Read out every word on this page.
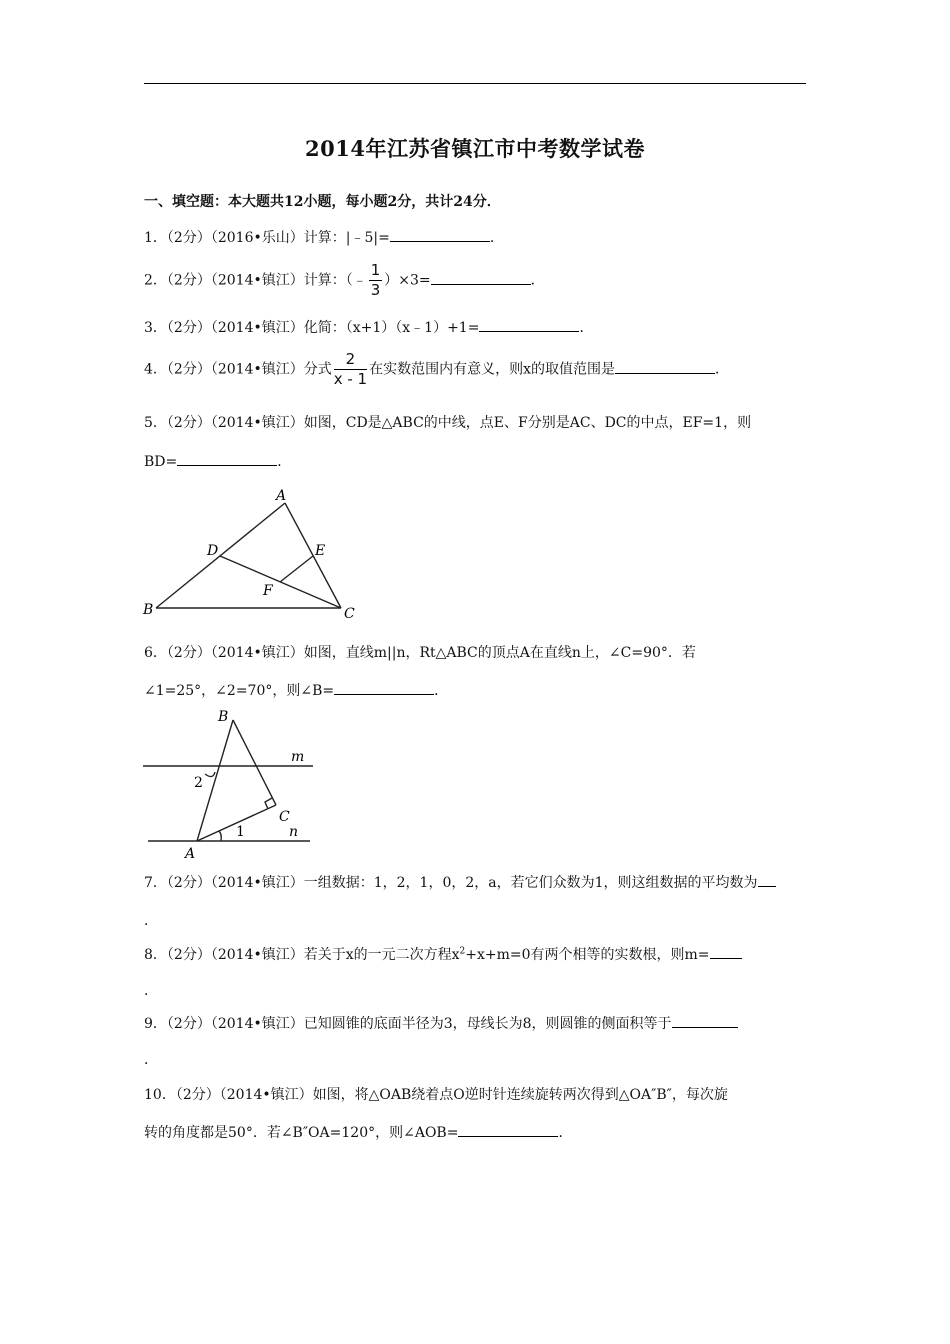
2014年江苏省镇江市中考数学试卷
一、填空题：本大题共12小题，每小题2分，共计24分．
1．（2分）（2016•乐山）计算：|﹣5|=	．
2．（2分）（2014•镇江）计算：（﹣ $\frac{1}{3} )\times 3=$	．
3．（2分）（2014•镇江）化简：（x+1）（x﹣1）+1=	．
4．（2分）（2014•镇江）分式 $\frac{2}{x - 1}$ 在实数范围内有意义，则x的取值范围是	．
5．（2分）（2014•镇江）如图，CD是△ABC的中线，点E、F分别是AC、DC的中点，EF=1，则
BD=	．
A
B	C
D	E
F
6．（2分）（2014•镇江）如图，直线m||n，Rt△ABC的顶点A在直线n上，∠C=90°．若
∠1=25°，∠2=70°，则∠B=	．
B
C
A
m
n
1
2
7．（2分）（2014•镇江）一组数据：1，2，1，0，2，a，若它们众数为1，则这组数据的平均数为
．
8．（2分）（2014•镇江）若关于x的一元二次方程$x^2+x+m=0$有两个相等的实数根，则m=
．
9．（2分）（2014•镇江）已知圆锥的底面半径为3，母线长为8，则圆锥的侧面积等于
．
10．（2分）（2014•镇江）如图，将△OAB绕着点O逆时针连续旋转两次得到△OA″B″，每次旋
转的角度都是50°．若∠B″OA=120°，则∠AOB=	．
